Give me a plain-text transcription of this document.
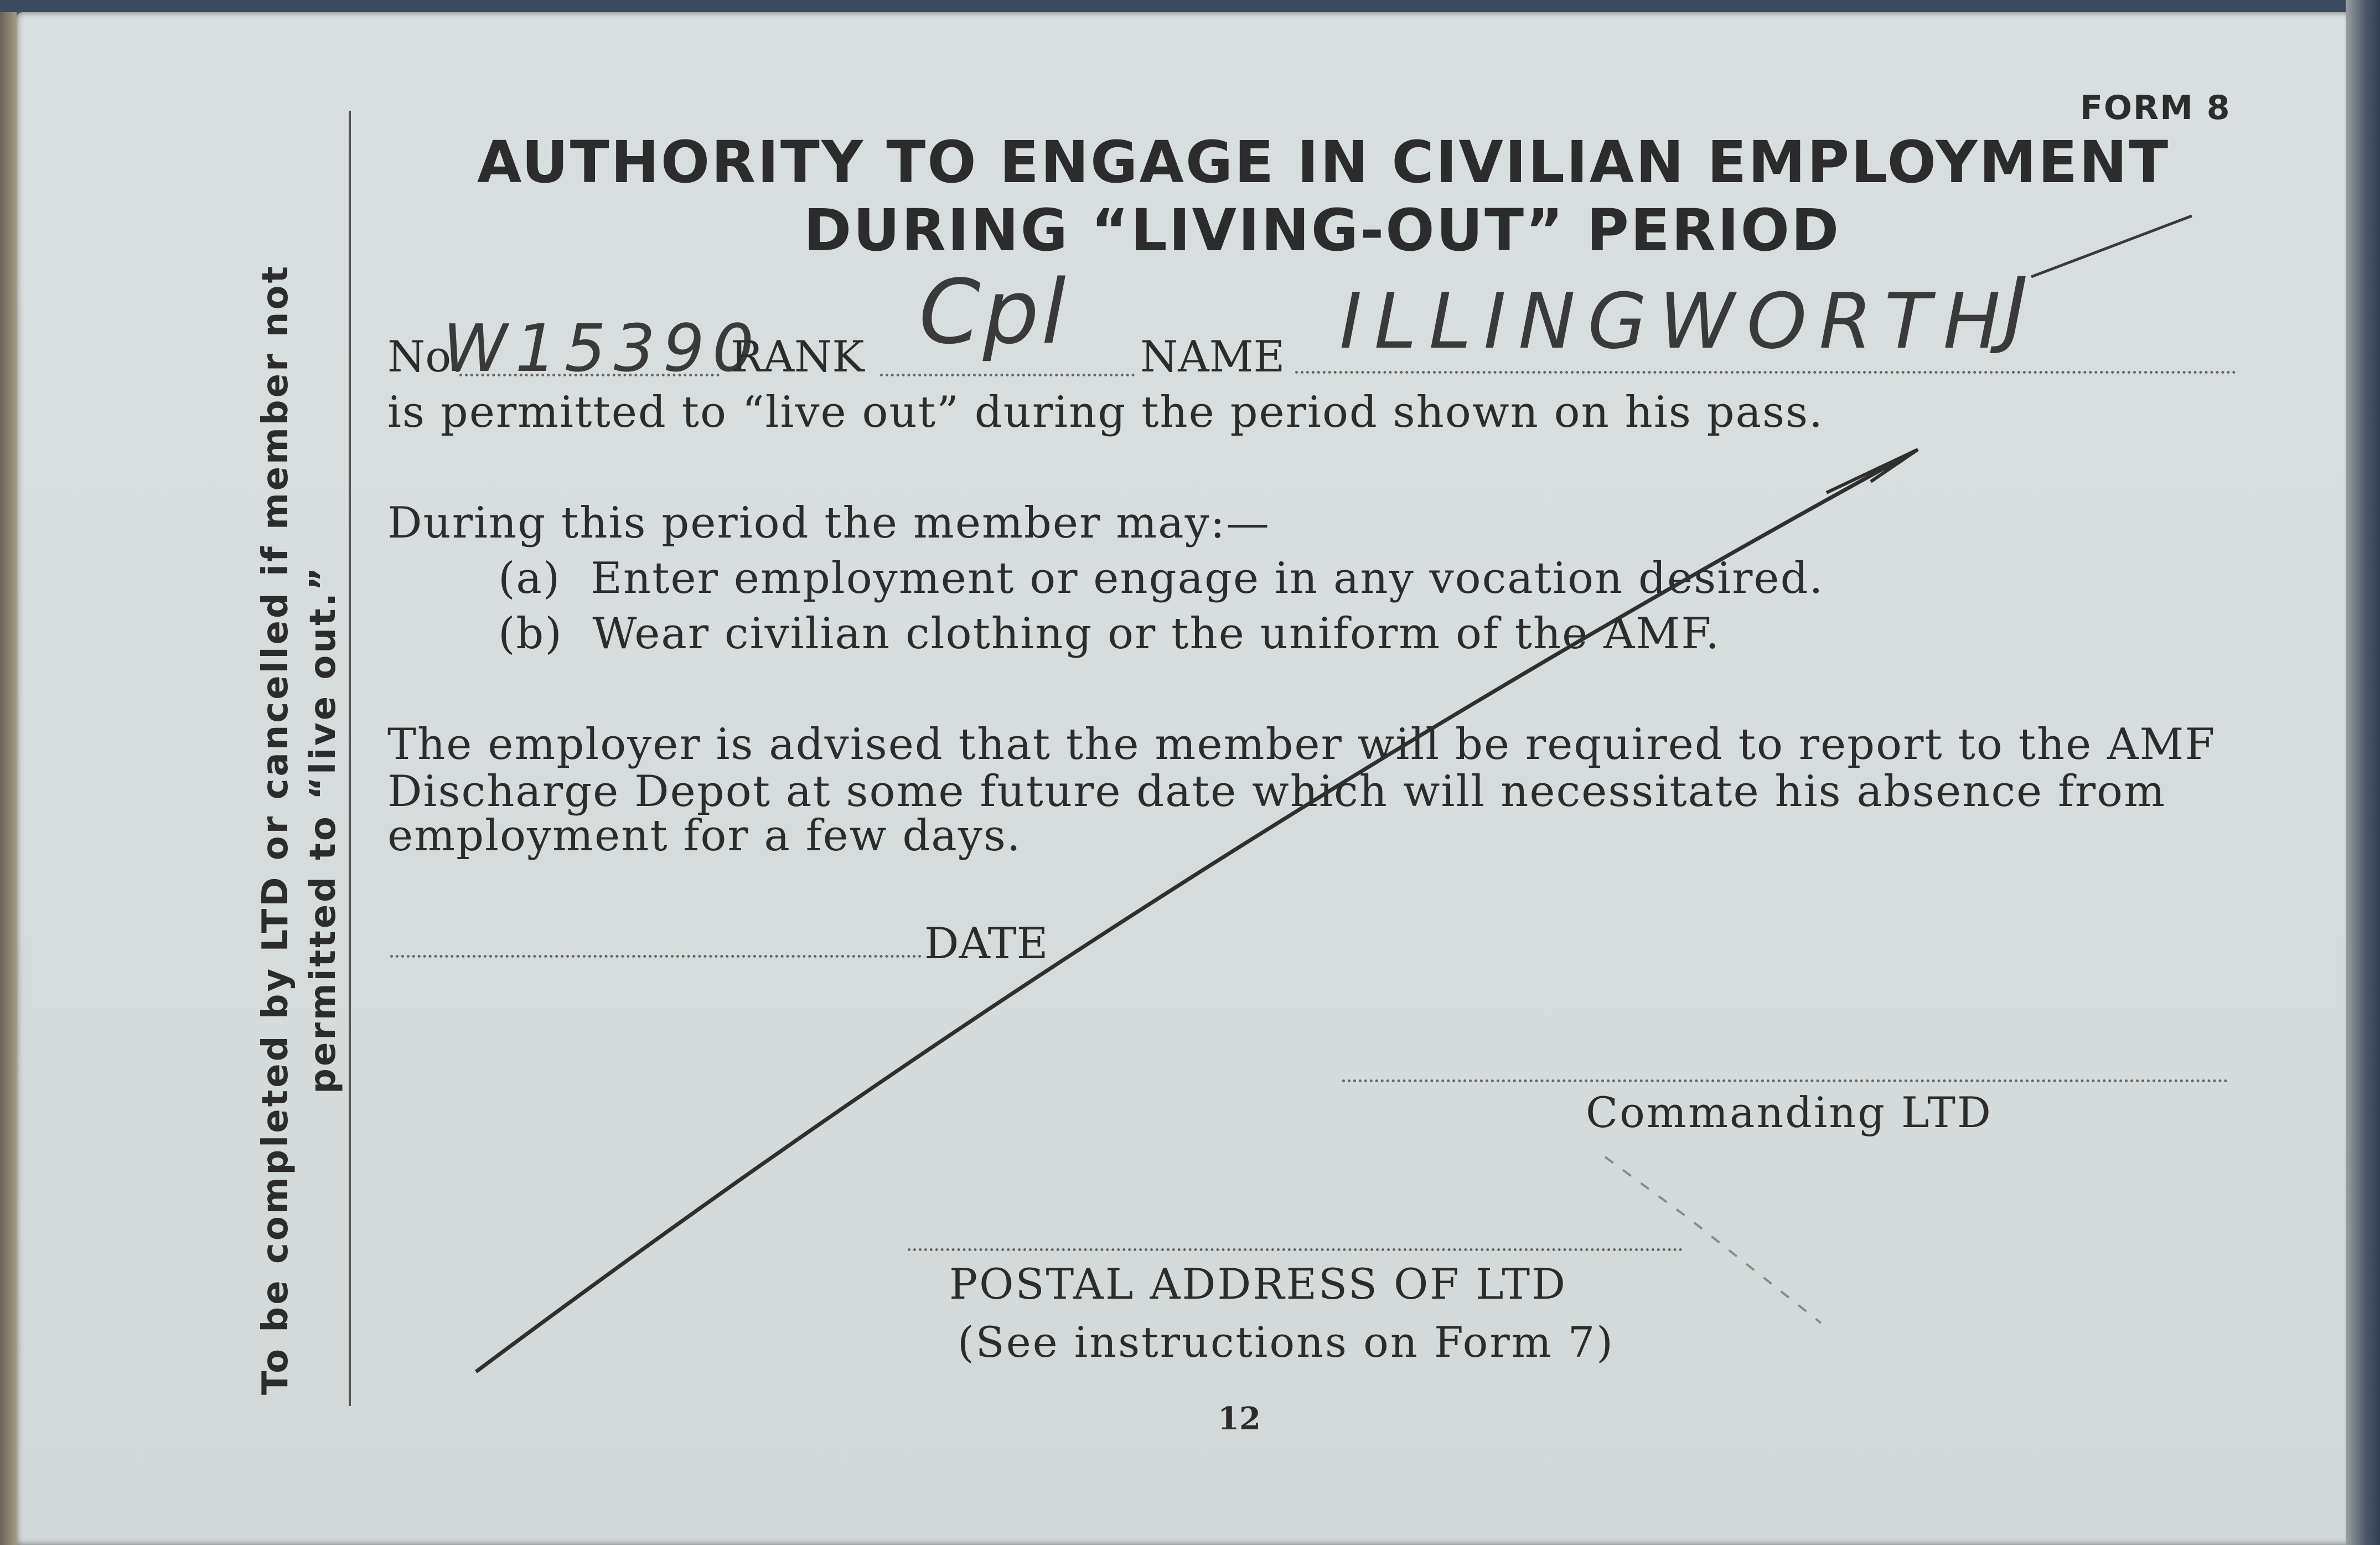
FORM 8

AUTHORITY TO ENGAGE IN CIVILIAN EMPLOYMENT
DURING “LIVING-OUT” PERIOD
To be completed by LTD or cancelled if member not permitted to “live out.”
No.
W15390
RANK Cpl NAME ILLINGWORTH
J

is permitted to “live out” during the period shown on his pass.

During this period the member may:—

(a)  Enter employment or engage in any vocation desired.

(b)  Wear civilian clothing or the uniform of the AMF.

The employer is advised that the member will be required to report to the AMF

Discharge Depot at some future date which will necessitate his absence from

employment for a few days.

DATE
Commanding LTD
POSTAL ADDRESS OF LTD
(See instructions on Form 7)
12
